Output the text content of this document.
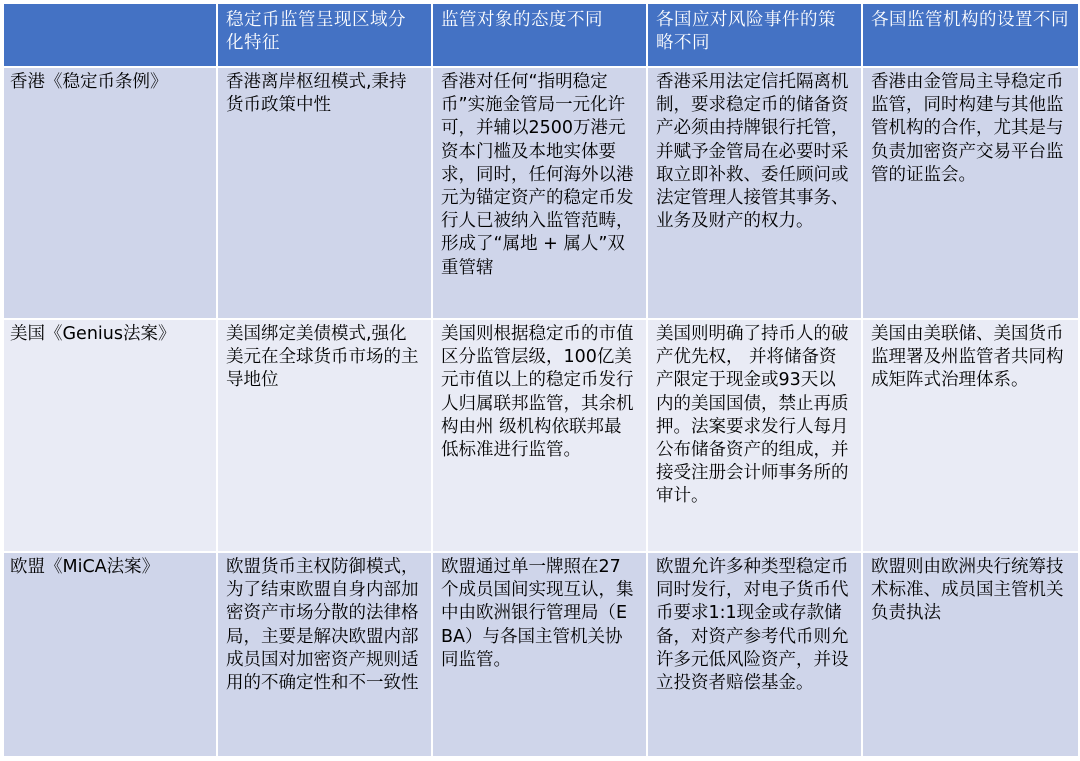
	稳定币监管呈现区域分化特征	监管对象的态度不同	各国应对风险事件的策略不同	各国监管机构的设置不同
香港《稳定币条例》	香港离岸枢纽模式,秉持货币政策中性	香港对任何“指明稳定币”实施金管局一元化许可，并辅以2500万港元资本门槛及本地实体要求，同时，任何海外以港元为锚定资产的稳定币发行人已被纳入监管范畴，形成了“属地 + 属人”双重管辖	香港采用法定信托隔离机制，要求稳定币的储备资产必须由持牌银行托管，并赋予金管局在必要时采取立即补救、委任顾问或法定管理人接管其事务、业务及财产的权力。	香港由金管局主导稳定币监管，同时构建与其他监管机构的合作，尤其是与负责加密资产交易平台监管的证监会。
美国《Genius法案》	美国绑定美债模式,强化美元在全球货币市场的主导地位	美国则根据稳定币的市值区分监管层级，100亿美元市值以上的稳定币发行人归属联邦监管，其余机构由州 级机构依联邦最低标准进行监管。	美国则明确了持币人的破产优先权， 并将储备资产限定于现金或93天以内的美国国债，禁止再质押。法案要求发行人每月公布储备资产的组成，并接受注册会计师事务所的审计。	美国由美联储、美国货币监理署及州监管者共同构成矩阵式治理体系。
欧盟《MiCA法案》	欧盟货币主权防御模式，为了结束欧盟自身内部加密资产市场分散的法律格局，主要是解决欧盟内部成员国对加密资产规则适用的不确定性和不一致性	欧盟通过单一牌照在27个成员国间实现互认，集中由欧洲银行管理局（EBA）与各国主管机关协同监管。	欧盟允许多种类型稳定币同时发行，对电子货币代币要求1:1现金或存款储备，对资产参考代币则允许多元低风险资产，并设立投资者赔偿基金。	欧盟则由欧洲央行统筹技术标准、成员国主管机关负责执法
